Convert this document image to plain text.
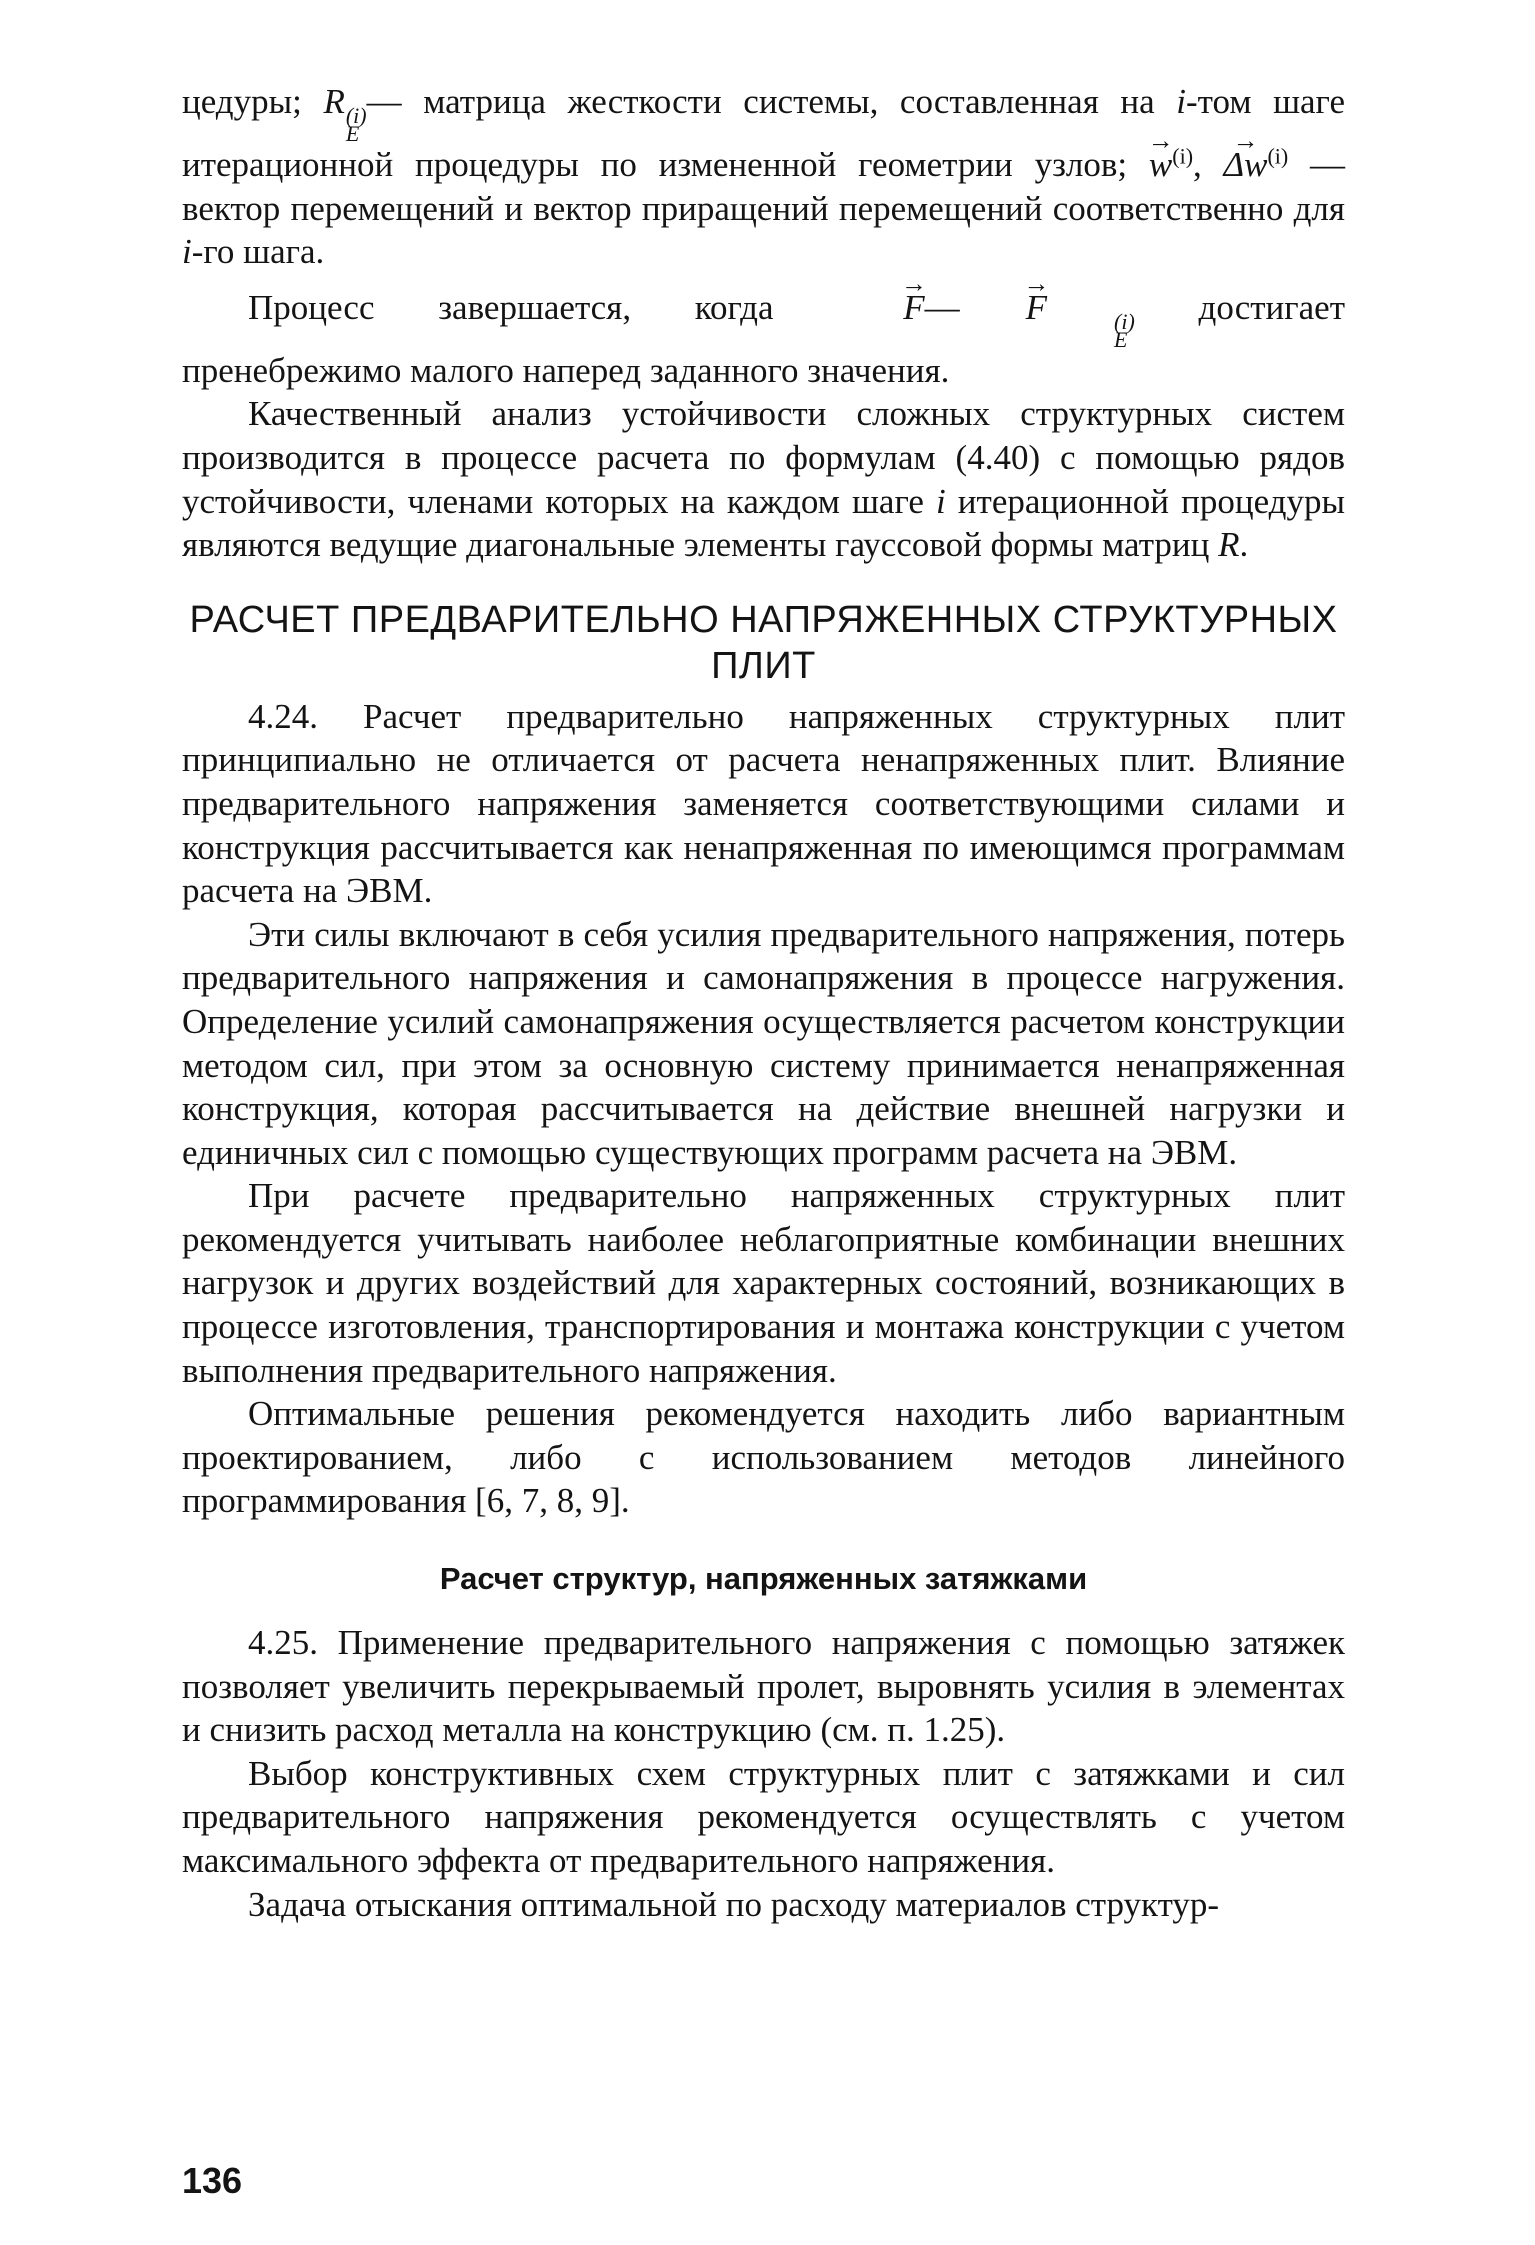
цедуры; R (i)
E
— матрица жесткости системы, составленная на i-том шаге итерационной процедуры по измененной геометрии узлов; → $w^{(i)}$, → $\Delta w^{(i)}$ — вектор перемещений и вектор приращений перемещений соответственно для i-го шага.

Процесс завершается, когда → F—→ F	(i)
E
достигает пренебрежимо малого наперед заданного значения.

Качественный анализ устойчивости сложных структурных систем производится в процессе расчета по формулам (4.40) с помощью рядов устойчивости, членами которых на каждом шаге i итерационной процедуры являются ведущие диагональные элементы гауссовой формы матриц R.

РАСЧЕТ ПРЕДВАРИТЕЛЬНО НАПРЯЖЕННЫХ СТРУКТУРНЫХ ПЛИТ

4.24. Расчет предварительно напряженных структурных плит принципиально не отличается от расчета ненапряженных плит. Влияние предварительного напряжения заменяется соответствующими силами и конструкция рассчитывается как ненапряженная по имеющимся программам расчета на ЭВМ.

Эти силы включают в себя усилия предварительного напряжения, потерь предварительного напряжения и самонапряжения в процессе нагружения. Определение усилий самонапряжения осуществляется расчетом конструкции методом сил, при этом за основную систему принимается ненапряженная конструкция, которая рассчитывается на действие внешней нагрузки и единичных сил с помощью существующих программ расчета на ЭВМ.

При расчете предварительно напряженных структурных плит рекомендуется учитывать наиболее неблагоприятные комбинации внешних нагрузок и других воздействий для характерных состояний, возникающих в процессе изготовления, транспортирования и монтажа конструкции с учетом выполнения предварительного напряжения.

Оптимальные решения рекомендуется находить либо вариантным проектированием, либо с использованием методов линейного программирования [6, 7, 8, 9].

Расчет структур, напряженных затяжками

4.25. Применение предварительного напряжения с помощью затяжек позволяет увеличить перекрываемый пролет, выровнять усилия в элементах и снизить расход металла на конструкцию (см. п. 1.25).

Выбор конструктивных схем структурных плит с затяжками и сил предварительного напряжения рекомендуется осуществлять с учетом максимального эффекта от предварительного напряжения.

Задача отыскания оптимальной по расходу материалов структур-

136
